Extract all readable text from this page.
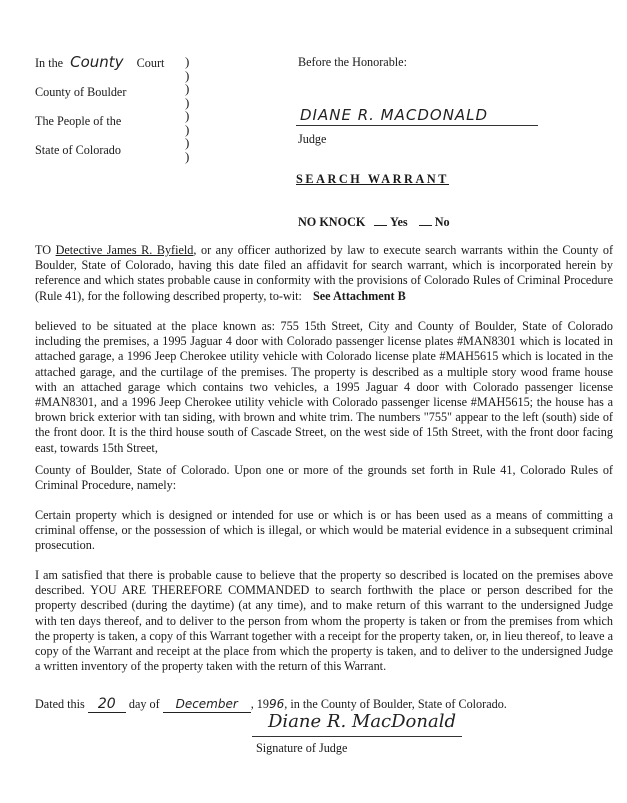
In the County Court
County of Boulder
The People of the
State of Colorado
)
)
)
)
)
)
)
)
Before the Honorable:
DIANE R. MACDONALD
Judge
SEARCH WARRANT
NO KNOCK Yes No
TO Detective James R. Byfield, or any officer authorized by law to execute search warrants within the County of Boulder, State of Colorado, having this date filed an affidavit for search warrant, which is incorporated herein by reference and which states probable cause in conformity with the provisions of Colorado Rules of Criminal Procedure (Rule 41), for the following described property, to-wit: See Attachment B
believed to be situated at the place known as: 755 15th Street, City and County of Boulder, State of Colorado including the premises, a 1995 Jaguar 4 door with Colorado passenger license plates #MAN8301 which is located in attached garage, a 1996 Jeep Cherokee utility vehicle with Colorado license plate #MAH5615 which is located in the attached garage, and the curtilage of the premises. The property is described as a multiple story wood frame house with an attached garage which contains two vehicles, a 1995 Jaguar 4 door with Colorado passenger license #MAN8301, and a 1996 Jeep Cherokee utility vehicle with Colorado passenger license #MAH5615; the house has a brown brick exterior with tan siding, with brown and white trim. The numbers "755" appear to the left (south) side of the front door. It is the third house south of Cascade Street, on the west side of 15th Street, with the front door facing east, towards 15th Street,
County of Boulder, State of Colorado. Upon one or more of the grounds set forth in Rule 41, Colorado Rules of Criminal Procedure, namely:
Certain property which is designed or intended for use or which is or has been used as a means of committing a criminal offense, or the possession of which is illegal, or which would be material evidence in a subsequent criminal prosecution.
I am satisfied that there is probable cause to believe that the property so described is located on the premises above described. YOU ARE THEREFORE COMMANDED to search forthwith the place or person described for the property described (during the daytime) (at any time), and to make return of this warrant to the undersigned Judge with ten days thereof, and to deliver to the person from whom the property is taken or from the premises from which the property is taken, a copy of this Warrant together with a receipt for the property taken, or, in lieu thereof, to leave a copy of the Warrant and receipt at the place from which the property is taken, and to deliver to the undersigned Judge a written inventory of the property taken with the return of this Warrant.
Dated this 20 day of December , 1996, in the County of Boulder, State of Colorado.
Diane R. MacDonald
Signature of Judge
